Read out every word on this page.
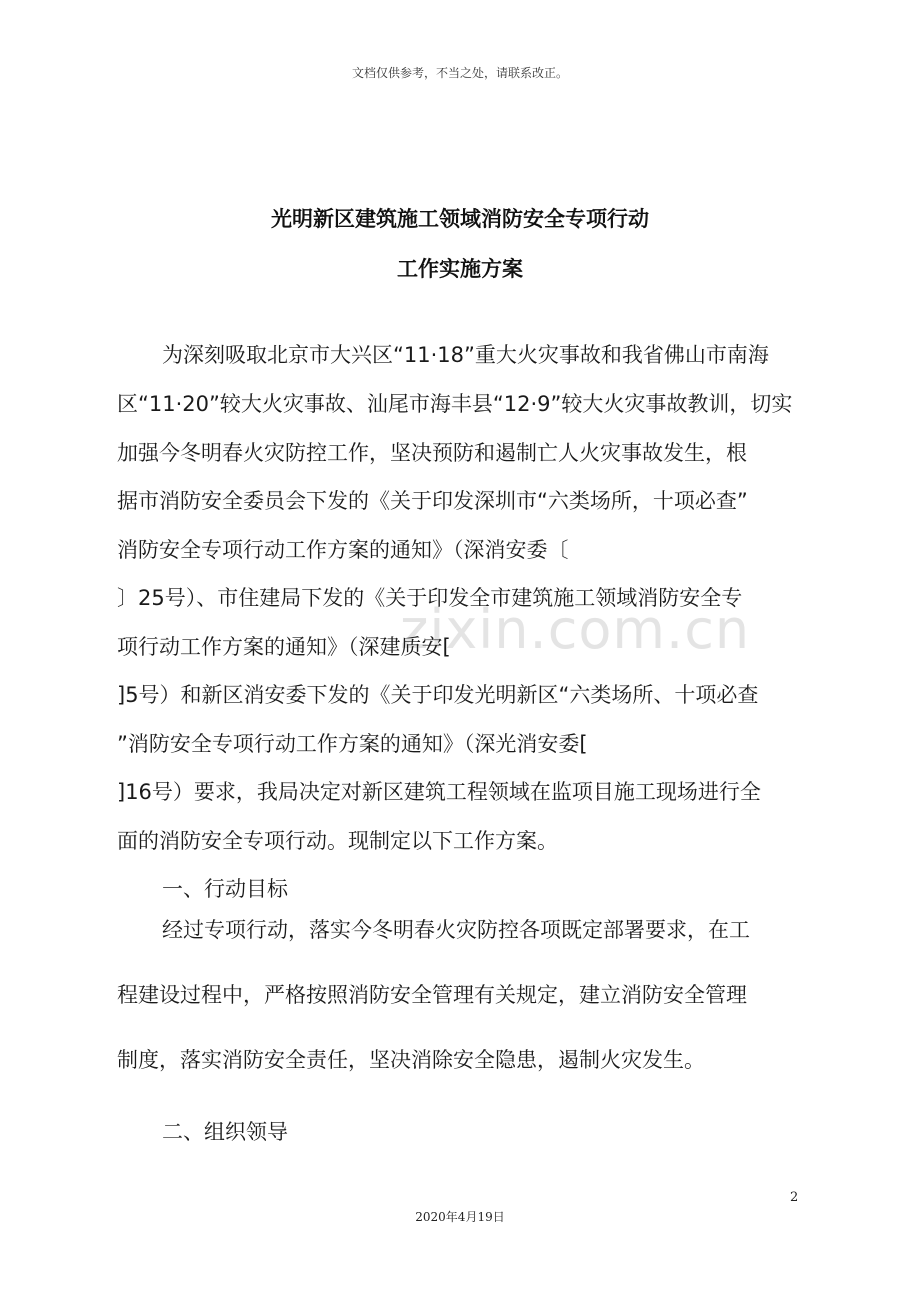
文档仅供参考，不当之处，请联系改正。
光明新区建筑施工领域消防安全专项行动
工作实施方案
zixin.com.cn
为深刻吸取北京市大兴区“11·18”重大火灾事故和我省佛山市南海
区“11·20”较大火灾事故、汕尾市海丰县“12·9”较大火灾事故教训，切实
加强今冬明春火灾防控工作，坚决预防和遏制亡人火灾事故发生，根
据市消防安全委员会下发的《关于印发深圳市“六类场所，十项必查”
消防安全专项行动工作方案的通知》（深消安委〔
〕25号）、市住建局下发的《关于印发全市建筑施工领域消防安全专
项行动工作方案的通知》（深建质安[
]5号）和新区消安委下发的《关于印发光明新区“六类场所、十项必查
”消防安全专项行动工作方案的通知》（深光消安委[
]16号）要求，我局决定对新区建筑工程领域在监项目施工现场进行全
面的消防安全专项行动。现制定以下工作方案。
一、行动目标
经过专项行动，落实今冬明春火灾防控各项既定部署要求，在工
程建设过程中，严格按照消防安全管理有关规定，建立消防安全管理
制度，落实消防安全责任，坚决消除安全隐患，遏制火灾发生。
二、组织领导
2
2020年4月19日
